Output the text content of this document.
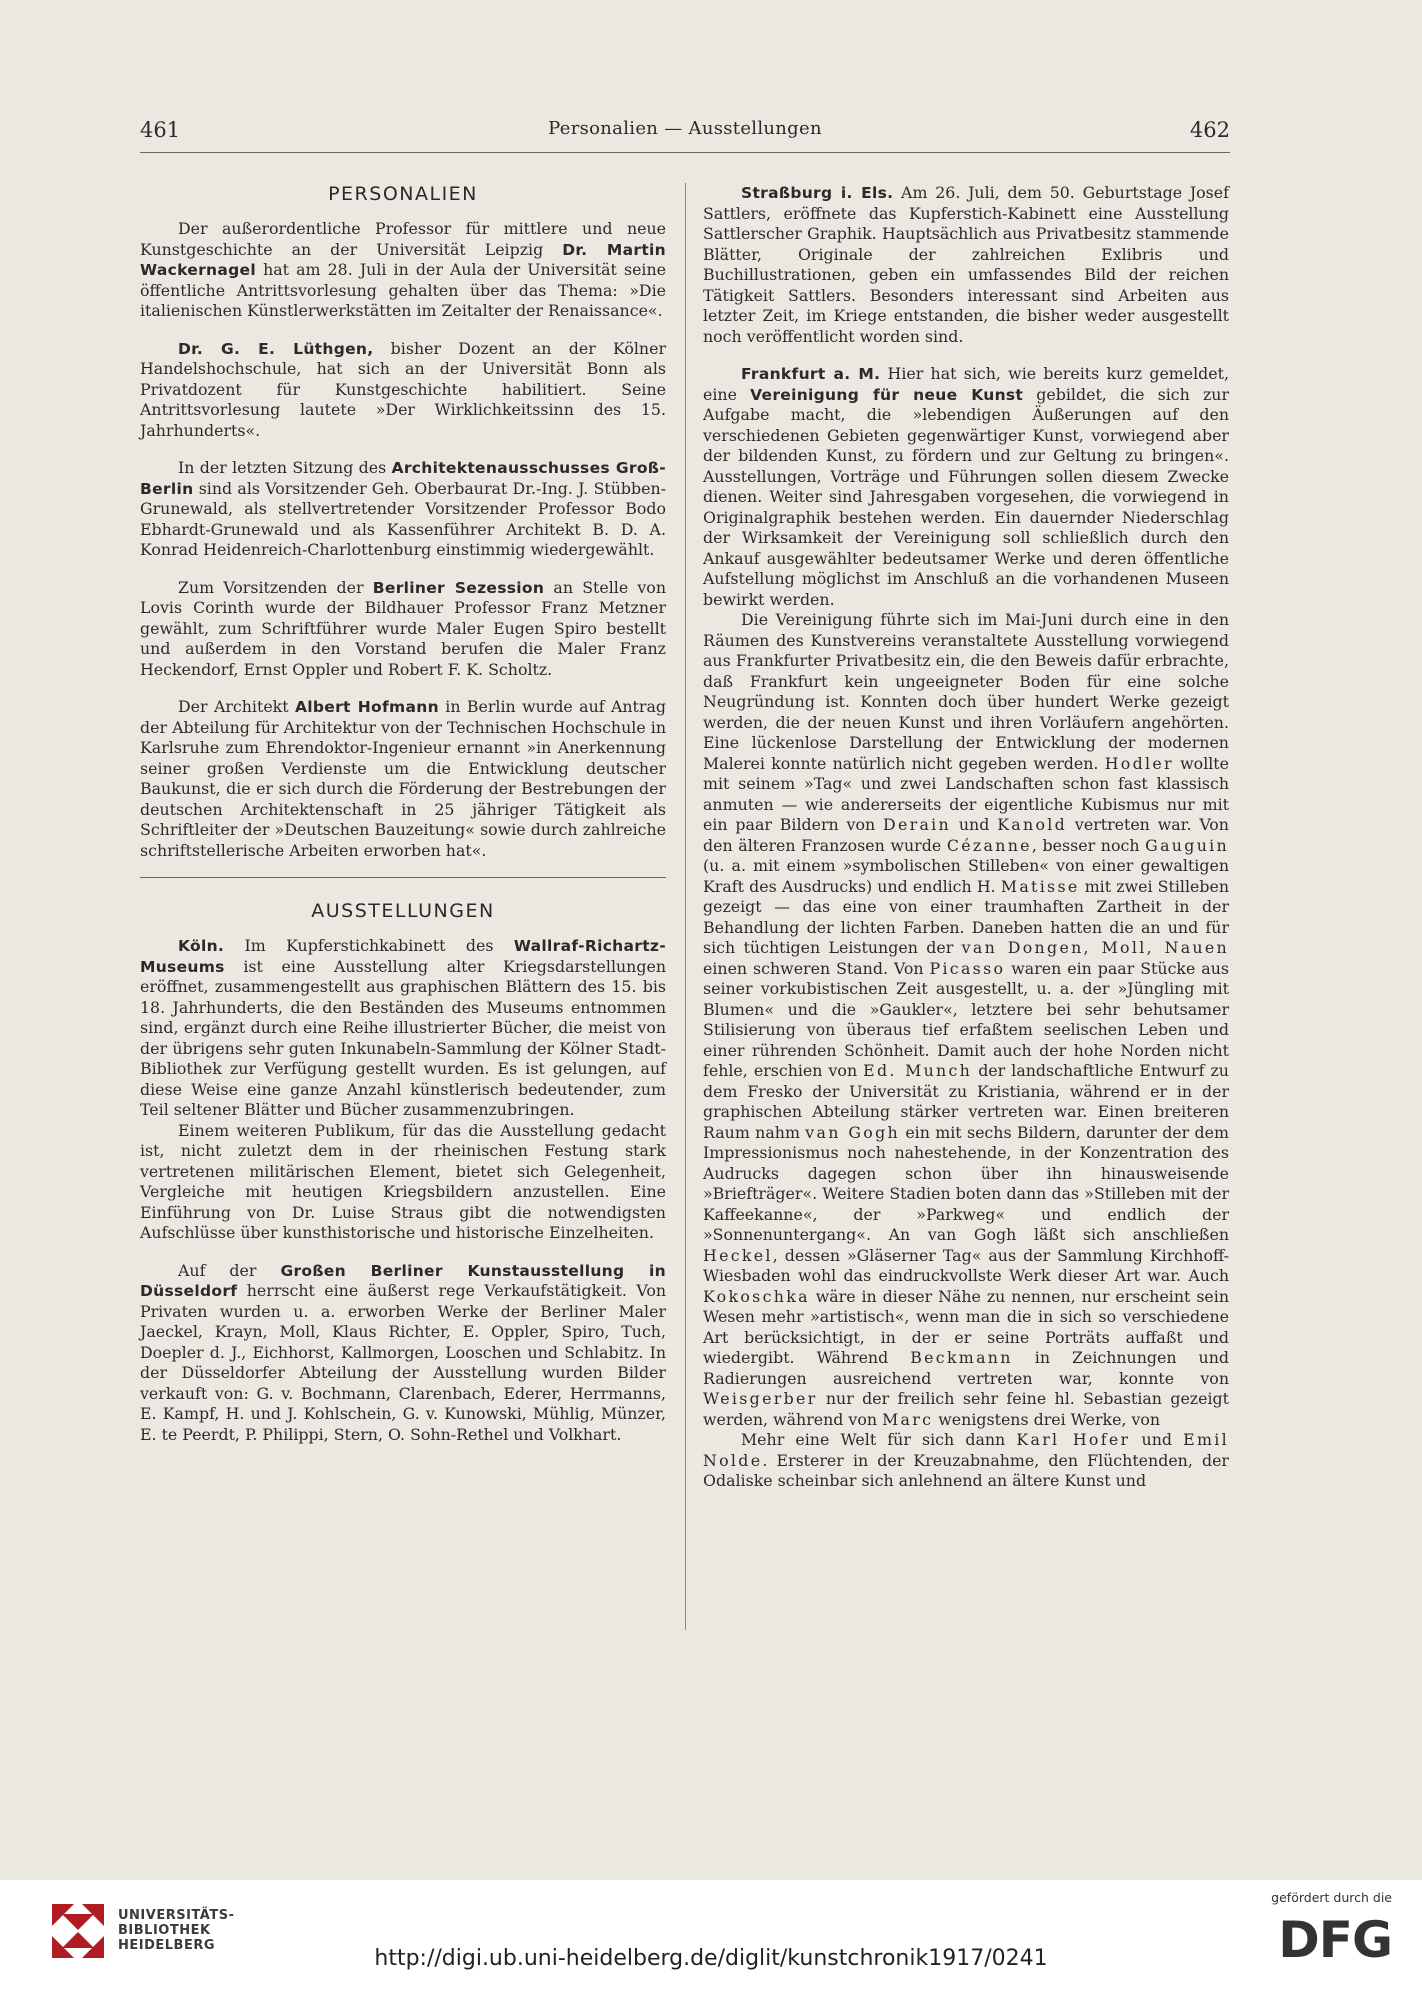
461	Personalien — Ausstellungen	462
PERSONALIEN

Der außerordentliche Professor für mittlere und neue Kunstgeschichte an der Universität Leipzig Dr. Martin Wackernagel hat am 28. Juli in der Aula der Universität seine öffentliche Antrittsvorlesung gehalten über das Thema: »Die italienischen Künstlerwerkstätten im Zeitalter der Renaissance«.

Dr. G. E. Lüthgen, bisher Dozent an der Kölner Handelshochschule, hat sich an der Universität Bonn als Privatdozent für Kunstgeschichte habilitiert. Seine Antrittsvorlesung lautete »Der Wirklichkeitssinn des 15. Jahrhunderts«.

In der letzten Sitzung des Architektenausschusses Groß-Berlin sind als Vorsitzender Geh. Oberbaurat Dr.-Ing. J. Stübben-Grunewald, als stellvertretender Vorsitzender Professor Bodo Ebhardt-Grunewald und als Kassenführer Architekt B. D. A. Konrad Heidenreich-Charlottenburg einstimmig wiedergewählt.

Zum Vorsitzenden der Berliner Sezession an Stelle von Lovis Corinth wurde der Bildhauer Professor Franz Metzner gewählt, zum Schriftführer wurde Maler Eugen Spiro bestellt und außerdem in den Vorstand berufen die Maler Franz Heckendorf, Ernst Oppler und Robert F. K. Scholtz.

Der Architekt Albert Hofmann in Berlin wurde auf Antrag der Abteilung für Architektur von der Technischen Hochschule in Karlsruhe zum Ehrendoktor-Ingenieur ernannt »in Anerkennung seiner großen Verdienste um die Entwicklung deutscher Baukunst, die er sich durch die Förderung der Bestrebungen der deutschen Architektenschaft in 25 jähriger Tätigkeit als Schriftleiter der »Deutschen Bauzeitung« sowie durch zahlreiche schriftstellerische Arbeiten erworben hat«.

AUSSTELLUNGEN

Köln. Im Kupferstichkabinett des Wallraf-Richartz-Museums ist eine Ausstellung alter Kriegsdarstellungen eröffnet, zusammengestellt aus graphischen Blättern des 15. bis 18. Jahrhunderts, die den Beständen des Museums entnommen sind, ergänzt durch eine Reihe illustrierter Bücher, die meist von der übrigens sehr guten Inkunabeln-Sammlung der Kölner Stadt-Bibliothek zur Verfügung gestellt wurden. Es ist gelungen, auf diese Weise eine ganze Anzahl künstlerisch bedeutender, zum Teil seltener Blätter und Bücher zusammenzubringen.

Einem weiteren Publikum, für das die Ausstellung gedacht ist, nicht zuletzt dem in der rheinischen Festung stark vertretenen militärischen Element, bietet sich Gelegenheit, Vergleiche mit heutigen Kriegsbildern anzustellen. Eine Einführung von Dr. Luise Straus gibt die notwendigsten Aufschlüsse über kunsthistorische und historische Einzelheiten.

Auf der Großen Berliner Kunstausstellung in Düsseldorf herrscht eine äußerst rege Verkaufstätigkeit. Von Privaten wurden u. a. erworben Werke der Berliner Maler Jaeckel, Krayn, Moll, Klaus Richter, E. Oppler, Spiro, Tuch, Doepler d. J., Eichhorst, Kallmorgen, Looschen und Schlabitz. In der Düsseldorfer Abteilung der Ausstellung wurden Bilder verkauft von: G. v. Bochmann, Clarenbach, Ederer, Herrmanns, E. Kampf, H. und J. Kohlschein, G. v. Kunowski, Mühlig, Münzer, E. te Peerdt, P. Philippi, Stern, O. Sohn-Rethel und Volkhart.

Straßburg i. Els. Am 26. Juli, dem 50. Geburtstage Josef Sattlers, eröffnete das Kupferstich-Kabinett eine Ausstellung Sattlerscher Graphik. Hauptsächlich aus Privatbesitz stammende Blätter, Originale der zahlreichen Exlibris und Buchillustrationen, geben ein umfassendes Bild der reichen Tätigkeit Sattlers. Besonders interessant sind Arbeiten aus letzter Zeit, im Kriege entstanden, die bisher weder ausgestellt noch veröffentlicht worden sind.

Frankfurt a. M. Hier hat sich, wie bereits kurz gemeldet, eine Vereinigung für neue Kunst gebildet, die sich zur Aufgabe macht, die »lebendigen Äußerungen auf den verschiedenen Gebieten gegenwärtiger Kunst, vorwiegend aber der bildenden Kunst, zu fördern und zur Geltung zu bringen«. Ausstellungen, Vorträge und Führungen sollen diesem Zwecke dienen. Weiter sind Jahresgaben vorgesehen, die vorwiegend in Originalgraphik bestehen werden. Ein dauernder Niederschlag der Wirksamkeit der Vereinigung soll schließlich durch den Ankauf ausgewählter bedeutsamer Werke und deren öffentliche Aufstellung möglichst im Anschluß an die vorhandenen Museen bewirkt werden.

Die Vereinigung führte sich im Mai-Juni durch eine in den Räumen des Kunstvereins veranstaltete Ausstellung vorwiegend aus Frankfurter Privatbesitz ein, die den Beweis dafür erbrachte, daß Frankfurt kein ungeeigneter Boden für eine solche Neugründung ist. Konnten doch über hundert Werke gezeigt werden, die der neuen Kunst und ihren Vorläufern angehörten. Eine lückenlose Darstellung der Entwicklung der modernen Malerei konnte natürlich nicht gegeben werden. Hodler wollte mit seinem »Tag« und zwei Landschaften schon fast klassisch anmuten — wie andererseits der eigentliche Kubismus nur mit ein paar Bildern von Derain und Kanold vertreten war. Von den älteren Franzosen wurde Cézanne, besser noch Gauguin (u. a. mit einem »symbolischen Stilleben« von einer gewaltigen Kraft des Ausdrucks) und endlich H. Matisse mit zwei Stilleben gezeigt — das eine von einer traumhaften Zartheit in der Behandlung der lichten Farben. Daneben hatten die an und für sich tüchtigen Leistungen der van Dongen, Moll, Nauen einen schweren Stand. Von Picasso waren ein paar Stücke aus seiner vorkubistischen Zeit ausgestellt, u. a. der »Jüngling mit Blumen« und die »Gaukler«, letztere bei sehr behutsamer Stilisierung von überaus tief erfaßtem seelischen Leben und einer rührenden Schönheit. Damit auch der hohe Norden nicht fehle, erschien von Ed. Munch der landschaftliche Entwurf zu dem Fresko der Universität zu Kristiania, während er in der graphischen Abteilung stärker vertreten war. Einen breiteren Raum nahm van Gogh ein mit sechs Bildern, darunter der dem Impressionismus noch nahestehende, in der Konzentration des Audrucks dagegen schon über ihn hinausweisende »Briefträger«. Weitere Stadien boten dann das »Stilleben mit der Kaffeekanne«, der »Parkweg« und endlich der »Sonnenuntergang«. An van Gogh läßt sich anschließen Heckel, dessen »Gläserner Tag« aus der Sammlung Kirchhoff-Wiesbaden wohl das eindruckvollste Werk dieser Art war. Auch Kokoschka wäre in dieser Nähe zu nennen, nur erscheint sein Wesen mehr »artistisch«, wenn man die in sich so verschiedene Art berücksichtigt, in der er seine Porträts auffaßt und wiedergibt. Während Beckmann in Zeichnungen und Radierungen ausreichend vertreten war, konnte von Weisgerber nur der freilich sehr feine hl. Sebastian gezeigt werden, während von Marc wenigstens drei Werke, von

Mehr eine Welt für sich dann Karl Hofer und Emil Nolde. Ersterer in der Kreuzabnahme, den Flüchtenden, der Odaliske scheinbar sich anlehnend an ältere Kunst und

UNIVERSITÄTS-
BIBLIOTHEK
HEIDELBERG
http://digi.ub.uni-heidelberg.de/diglit/kunstchronik1917/0241
gefördert durch die
DFG
